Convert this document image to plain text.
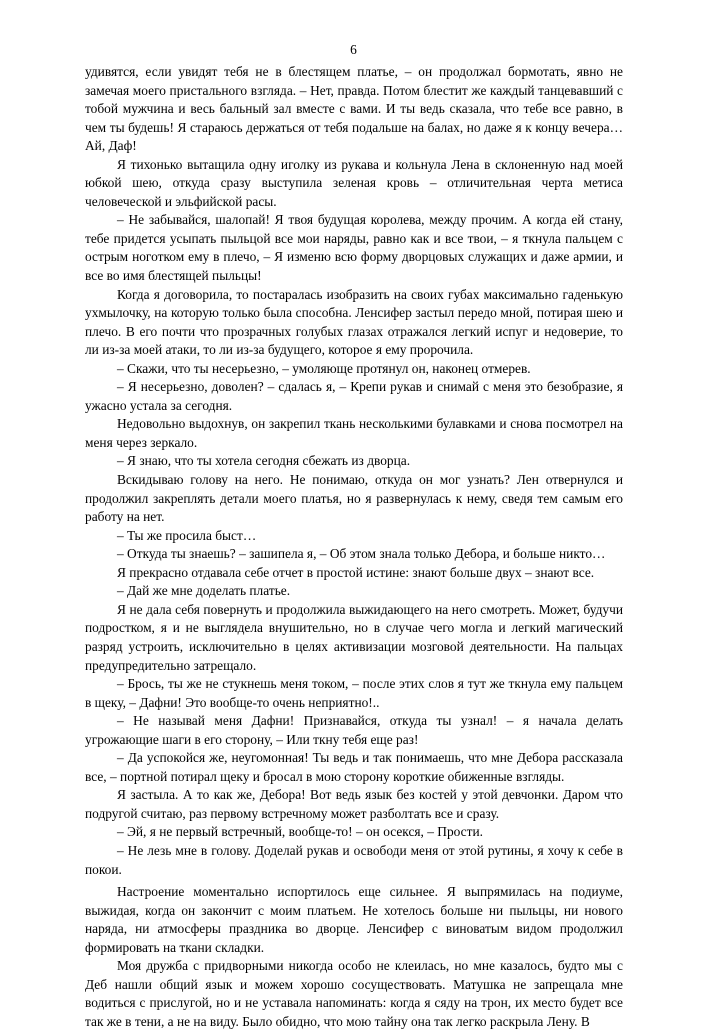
6

удивятся, если увидят тебя не в блестящем платье, – он продолжал бормотать, явно не замечая моего пристального взгляда. – Нет, правда. Потом блестит же каждый танцевавший с тобой мужчина и весь бальный зал вместе с вами. И ты ведь сказала, что тебе все равно, в чем ты будешь! Я стараюсь держаться от тебя подальше на балах, но даже я к концу вечера… Ай, Даф!

Я тихонько вытащила одну иголку из рукава и кольнула Лена в склоненную над моей юбкой шею, откуда сразу выступила зеленая кровь – отличительная черта метиса человеческой и эльфийской расы.

– Не забывайся, шалопай! Я твоя будущая королева, между прочим. А когда ей стану, тебе придется усыпать пыльцой все мои наряды, равно как и все твои, – я ткнула пальцем с острым ноготком ему в плечо, – Я изменю всю форму дворцовых служащих и даже армии, и все во имя блестящей пыльцы!

Когда я договорила, то постаралась изобразить на своих губах максимально гаденькую ухмылочку, на которую только была способна. Ленсифер застыл передо мной, потирая шею и плечо. В его почти что прозрачных голубых глазах отражался легкий испуг и недоверие, то ли из-за моей атаки, то ли из-за будущего, которое я ему пророчила.

– Скажи, что ты несерьезно, – умоляюще протянул он, наконец отмерев.

– Я несерьезно, доволен? – сдалась я, – Крепи рукав и снимай с меня это безобразие, я ужасно устала за сегодня.

Недовольно выдохнув, он закрепил ткань несколькими булавками и снова посмотрел на меня через зеркало.

– Я знаю, что ты хотела сегодня сбежать из дворца.

Вскидываю голову на него. Не понимаю, откуда он мог узнать? Лен отвернулся и продолжил закреплять детали моего платья, но я развернулась к нему, сведя тем самым его работу на нет.

– Ты же просила быст…

– Откуда ты знаешь? – зашипела я, – Об этом знала только Дебора, и больше никто…

Я прекрасно отдавала себе отчет в простой истине: знают больше двух – знают все.

– Дай же мне доделать платье.

Я не дала себя повернуть и продолжила выжидающего на него смотреть. Может, будучи подростком, я и не выглядела внушительно, но в случае чего могла и легкий магический разряд устроить, исключительно в целях активизации мозговой деятельности. На пальцах предупредительно затрещало.

– Брось, ты же не стукнешь меня током, – после этих слов я тут же ткнула ему пальцем в щеку, – Дафни! Это вообще-то очень неприятно!..

– Не называй меня Дафни! Признавайся, откуда ты узнал! – я начала делать угрожающие шаги в его сторону, – Или ткну тебя еще раз!

– Да успокойся же, неугомонная! Ты ведь и так понимаешь, что мне Дебора рассказала все, – портной потирал щеку и бросал в мою сторону короткие обиженные взгляды.

Я застыла. А то как же, Дебора! Вот ведь язык без костей у этой девчонки. Даром что подругой считаю, раз первому встречному может разболтать все и сразу.

– Эй, я не первый встречный, вообще-то! – он осекся, – Прости.

– Не лезь мне в голову. Доделай рукав и освободи меня от этой рутины, я хочу к себе в покои.

Настроение моментально испортилось еще сильнее. Я выпрямилась на подиуме, выжидая, когда он закончит с моим платьем. Не хотелось больше ни пыльцы, ни нового наряда, ни атмосферы праздника во дворце. Ленсифер с виноватым видом продолжил формировать на ткани складки.

Моя дружба с придворными никогда особо не клеилась, но мне казалось, будто мы с Деб нашли общий язык и можем хорошо сосуществовать. Матушка не запрещала мне водиться с прислугой, но и не уставала напоминать: когда я сяду на трон, их место будет все так же в тени, а не на виду. Было обидно, что мою тайну она так легко раскрыла Лену. В
